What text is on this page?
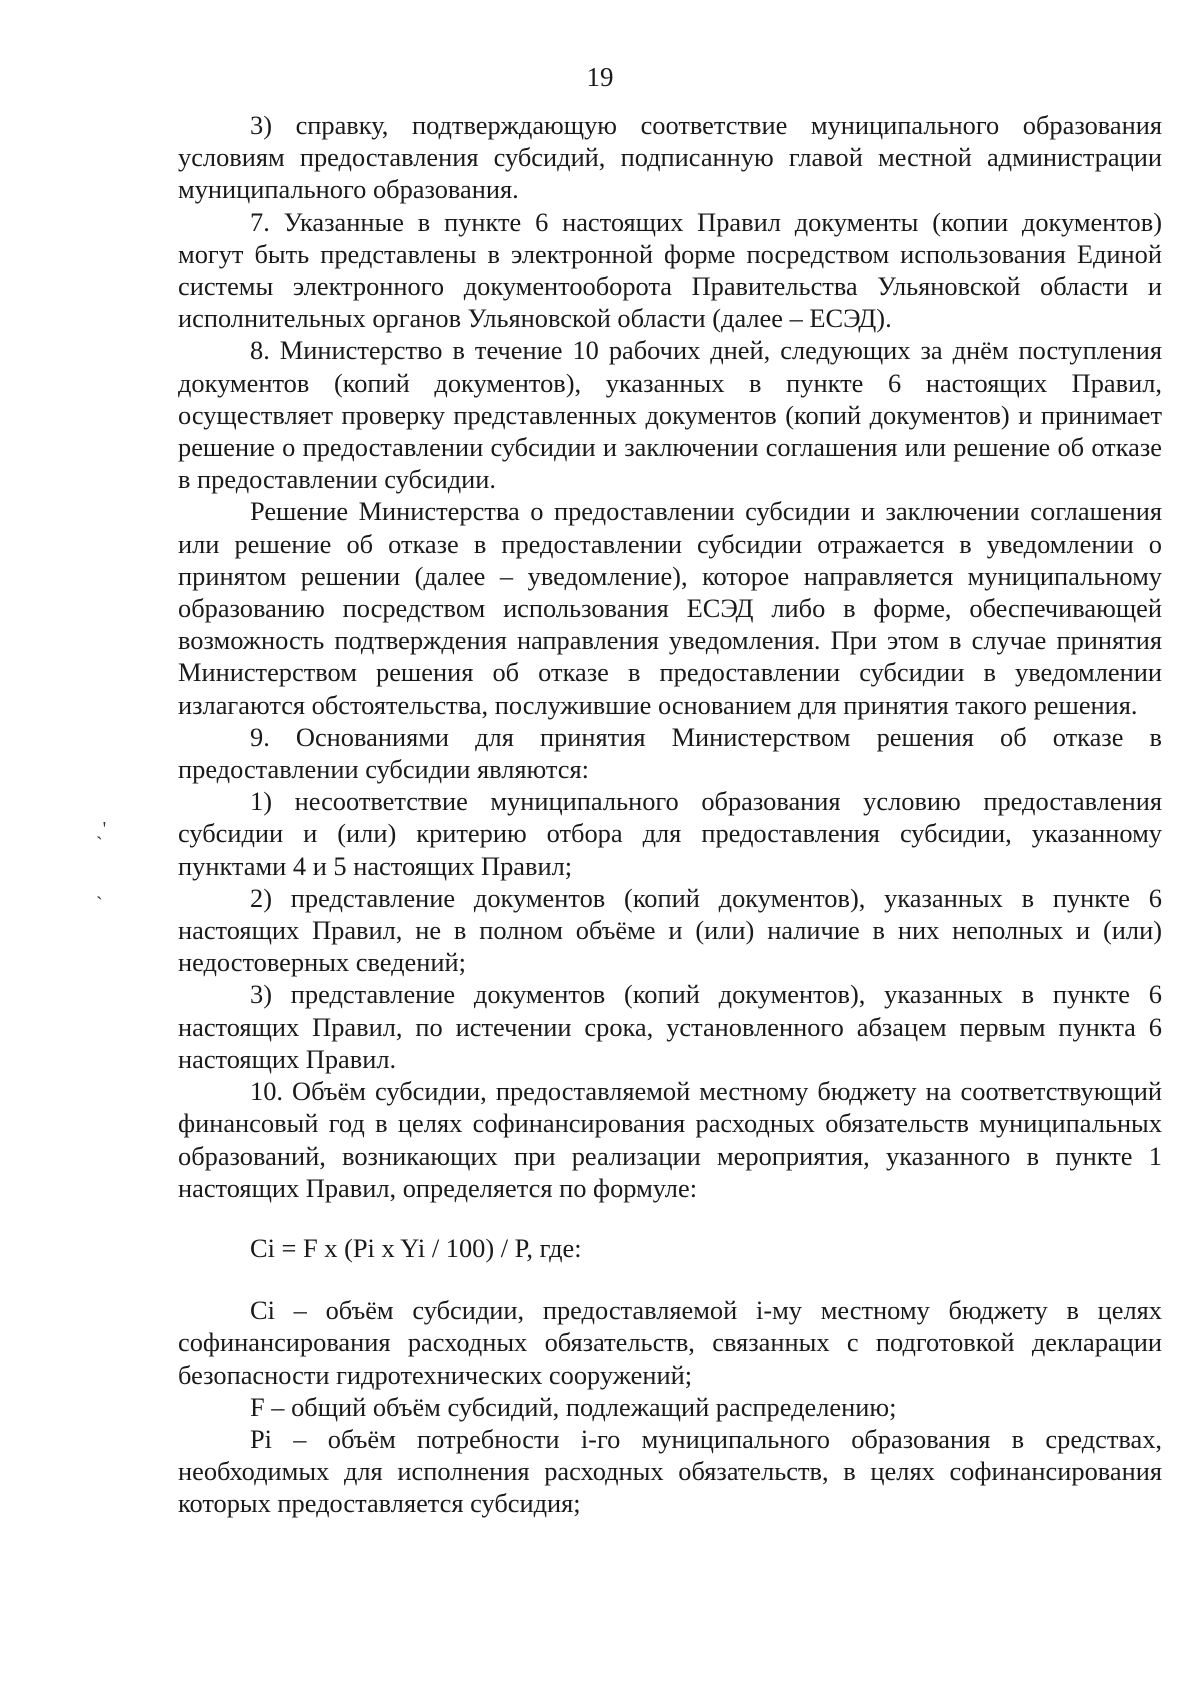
19
ˎ'
ˎ

3) справку, подтверждающую соответствие муниципального образования условиям предоставления субсидий, подписанную главой местной администрации муниципального образования.

7. Указанные в пункте 6 настоящих Правил документы (копии документов) могут быть представлены в электронной форме посредством использования Единой системы электронного документооборота Правительства Ульяновской области и исполнительных органов Ульяновской области (далее – ЕСЭД).

8. Министерство в течение 10 рабочих дней, следующих за днём поступления документов (копий документов), указанных в пункте 6 настоящих Правил, осуществляет проверку представленных документов (копий документов) и принимает решение о предоставлении субсидии и заключении соглашения или решение об отказе в предоставлении субсидии.

Решение Министерства о предоставлении субсидии и заключении соглашения или решение об отказе в предоставлении субсидии отражается в уведомлении о принятом решении (далее – уведомление), которое направляется муниципальному образованию посредством использования ЕСЭД либо в форме, обеспечивающей возможность подтверждения направления уведомления. При этом в случае принятия Министерством решения об отказе в предоставлении субсидии в уведомлении излагаются обстоятельства, послужившие основанием для принятия такого решения.

9. Основаниями для принятия Министерством решения об отказе в предоставлении субсидии являются:

1) несоответствие муниципального образования условию предоставления субсидии и (или) критерию отбора для предоставления субсидии, указанному пунктами 4 и 5 настоящих Правил;

2) представление документов (копий документов), указанных в пункте 6 настоящих Правил, не в полном объёме и (или) наличие в них неполных и (или) недостоверных сведений;

3) представление документов (копий документов), указанных в пункте 6 настоящих Правил, по истечении срока, установленного абзацем первым пункта 6 настоящих Правил.

10. Объём субсидии, предоставляемой местному бюджету на соответствующий финансовый год в целях софинансирования расходных обязательств муниципальных образований, возникающих при реализации мероприятия, указанного в пункте 1 настоящих Правил, определяется по формуле:

Ci = F x (Pi x Yi / 100) / P, где:

Ci – объём субсидии, предоставляемой i-му местному бюджету в целях софинансирования расходных обязательств, связанных с подготовкой декларации безопасности гидротехнических сооружений;

F – общий объём субсидий, подлежащий распределению;

Pi – объём потребности i-го муниципального образования в средствах, необходимых для исполнения расходных обязательств, в целях софинансирования которых предоставляется субсидия;
